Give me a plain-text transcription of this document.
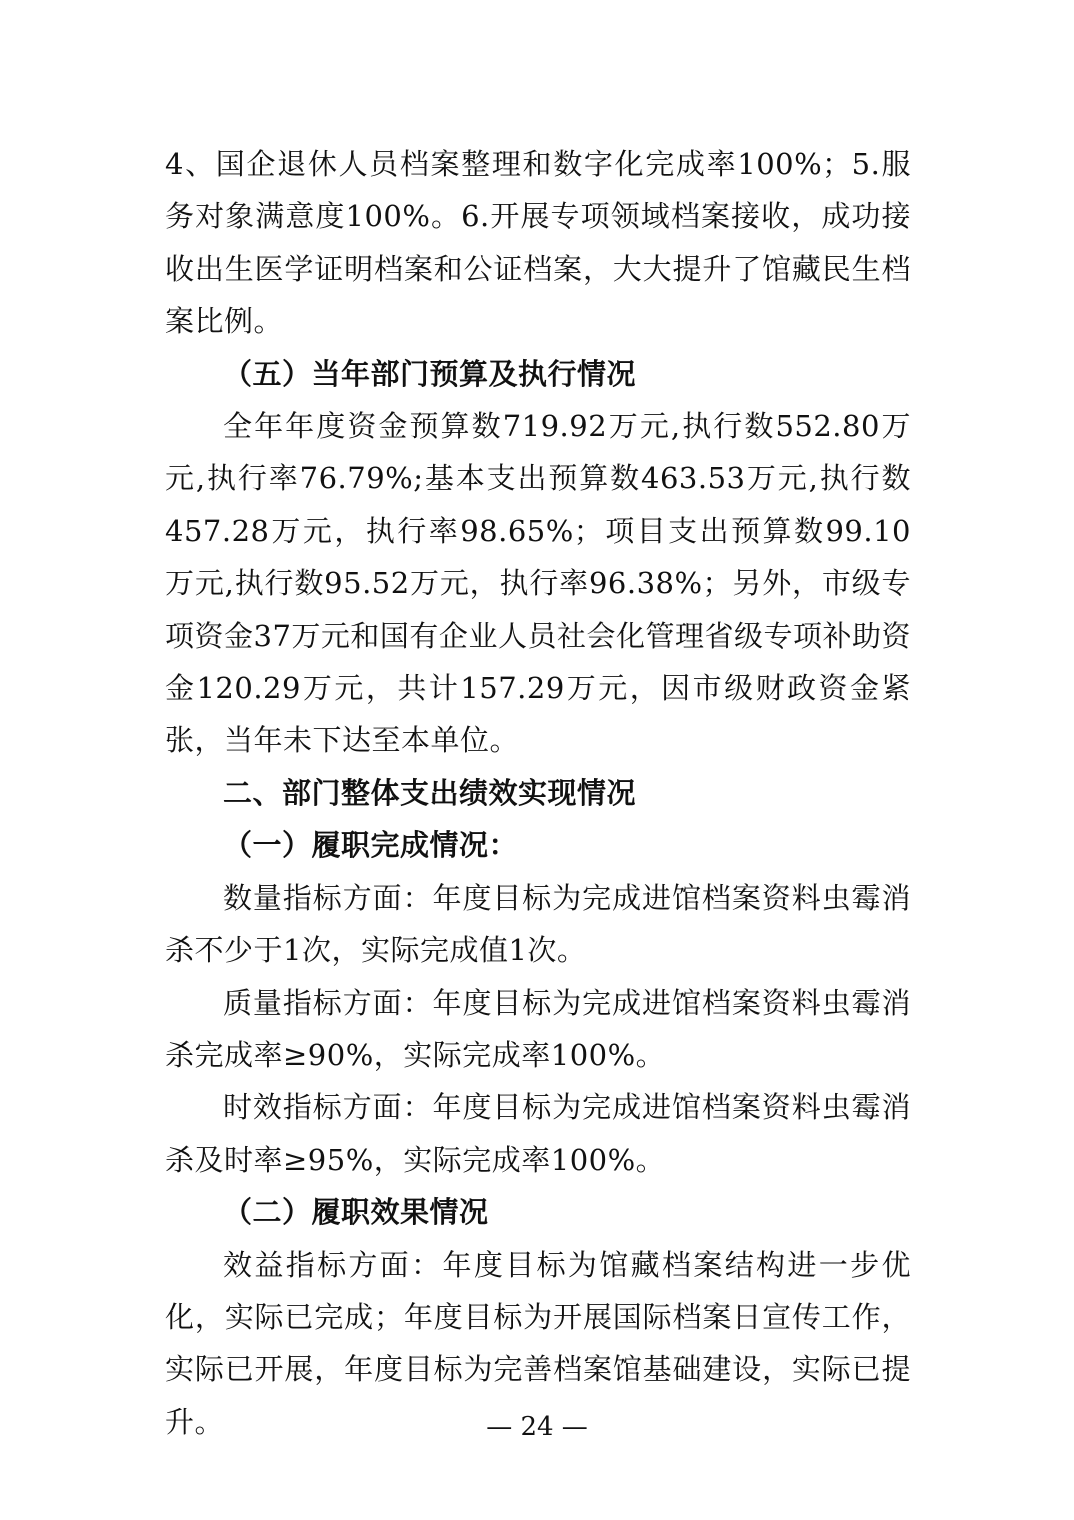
4、国企退休人员档案整理和数字化完成率100%；5.服务对象满意度100%。6.开展专项领域档案接收，成功接收出生医学证明档案和公证档案，大大提升了馆藏民生档案比例。

（五）当年部门预算及执行情况

全年年度资金预算数719.92万元,执行数552.80万元,执行率76.79%;基本支出预算数463.53万元,执行数457.28万元，执行率98.65%；项目支出预算数99.10万元,执行数95.52万元，执行率96.38%；另外，市级专项资金37万元和国有企业人员社会化管理省级专项补助资金120.29万元，共计157.29万元，因市级财政资金紧张，当年未下达至本单位。

二、部门整体支出绩效实现情况

（一）履职完成情况：

数量指标方面：年度目标为完成进馆档案资料虫霉消杀不少于1次，实际完成值1次。

质量指标方面：年度目标为完成进馆档案资料虫霉消杀完成率≥90%，实际完成率100%。

时效指标方面：年度目标为完成进馆档案资料虫霉消杀及时率≥95%，实际完成率100%。

（二）履职效果情况

效益指标方面：年度目标为馆藏档案结构进一步优化，实际已完成；年度目标为开展国际档案日宣传工作，实际已开展，年度目标为完善档案馆基础建设，实际已提升。	— 24 —
